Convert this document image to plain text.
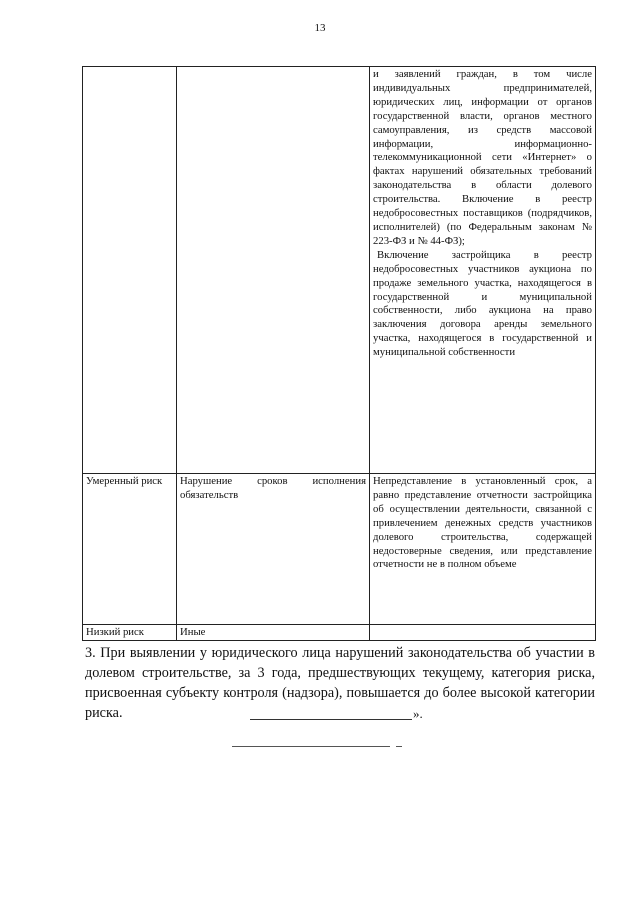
13

		и заявлений граждан, в том числе индивидуальных предпринимателей, юридических лиц, информации от органов государственной власти, органов местного самоуправления, из средств массовой информации, информационно-телекоммуникационной сети «Интернет» о фактах нарушений обязательных требований законодательства в области долевого строительства. Включение в реестр недобросовестных поставщиков (подрядчиков, исполнителей) (по Федеральным законам № 223-ФЗ и № 44-ФЗ);
Включение застройщика в реестр недобросовестных участников аукциона по продаже земельного участка, находящегося в государственной и муниципальной собственности, либо аукциона на право заключения договора аренды земельного участка, находящегося в государственной и муниципальной собственности

Умеренный риск	Нарушение сроков исполнения обязательств	Непредставление в установленный срок, а равно представление отчетности застройщика об осуществлении деятельности, связанной с привлечением денежных средств участников долевого строительства, содержащей недостоверные сведения, или представление отчетности не в полном объеме
Низкий риск	Иные	

3. При выявлении у юридического лица нарушений законодательства об участии в долевом строительстве, за 3 года, предшествующих текущему, категория риска, присвоенная субъекту контроля (надзора), повышается до более высокой категории риска.	».
